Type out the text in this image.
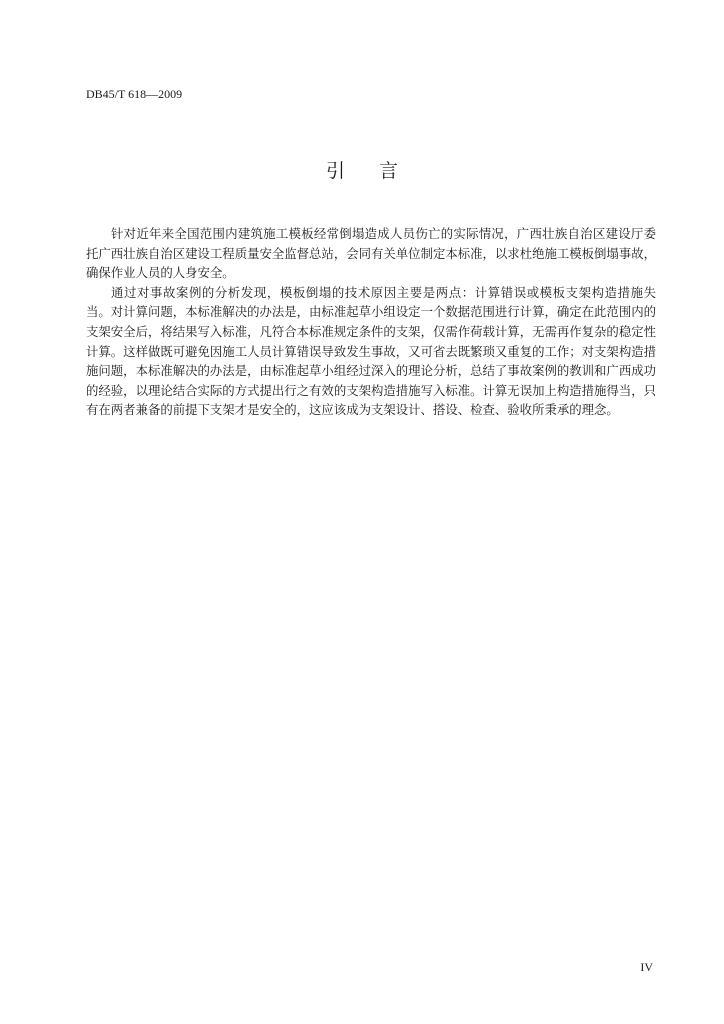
DB45/T 618—2009
引 言

针对近年来全国范围内建筑施工模板经常倒塌造成人员伤亡的实际情况，广西壮族自治区建设厅委托广西壮族自治区建设工程质量安全监督总站，会同有关单位制定本标准，以求杜绝施工模板倒塌事故，确保作业人员的人身安全。

通过对事故案例的分析发现，模板倒塌的技术原因主要是两点：计算错误或模板支架构造措施失当。对计算问题，本标准解决的办法是，由标准起草小组设定一个数据范围进行计算，确定在此范围内的支架安全后，将结果写入标准，凡符合本标准规定条件的支架，仅需作荷载计算，无需再作复杂的稳定性计算。这样做既可避免因施工人员计算错误导致发生事故，又可省去既繁琐又重复的工作；对支架构造措施问题，本标准解决的办法是，由标准起草小组经过深入的理论分析，总结了事故案例的教训和广西成功的经验，以理论结合实际的方式提出行之有效的支架构造措施写入标准。计算无误加上构造措施得当，只有在两者兼备的前提下支架才是安全的，这应该成为支架设计、搭设、检查、验收所秉承的理念。

IV
